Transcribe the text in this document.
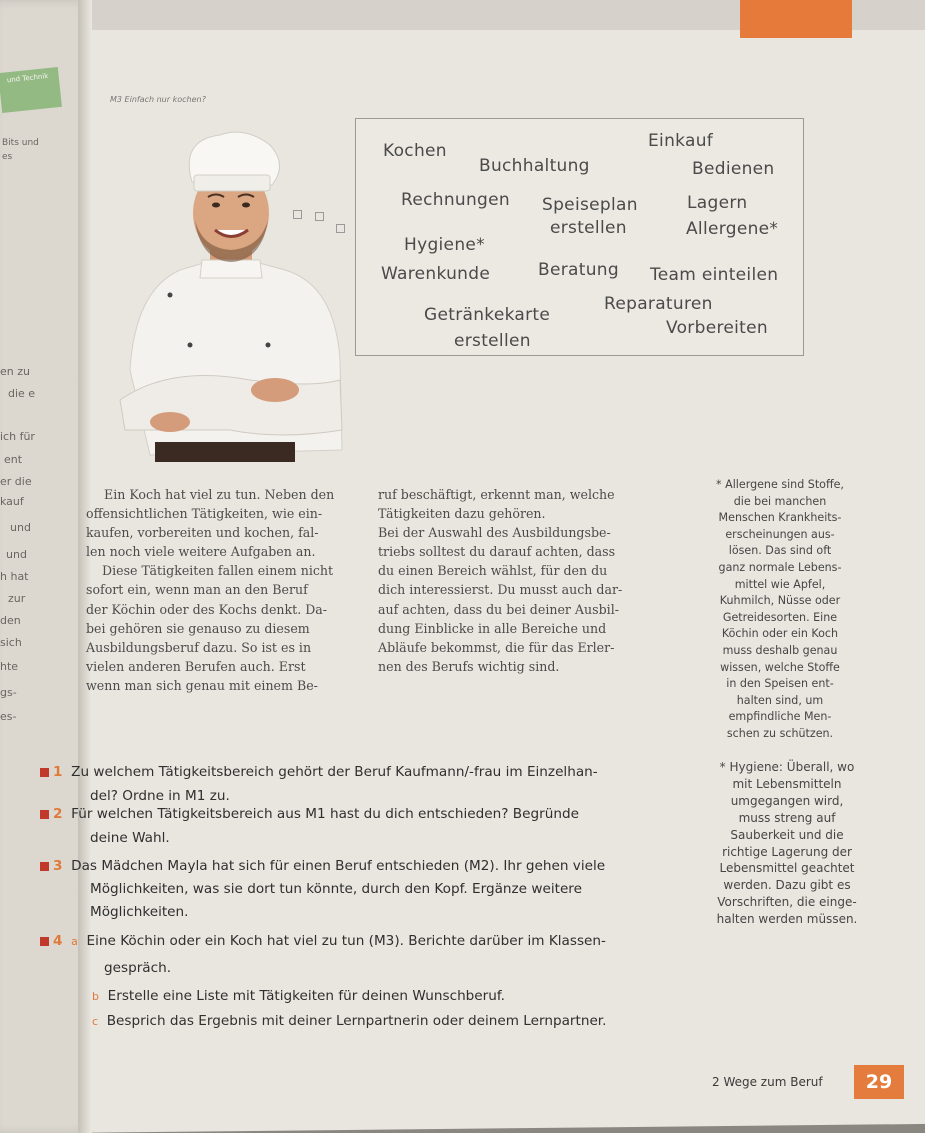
und Technik
Bits und
es
en zu
die e
ich für
ent
er die
kauf
und
und
h hat
zur
den
sich
hte
gs-
es-
M3 Einfach nur kochen?
Kochen	Einkauf
Buchhaltung	Bedienen
Rechnungen Speiseplan	Lagern
erstellen
Hygiene*
Allergene*
Warenkunde	Beratung Team einteilen
Reparaturen
Getränkekarte
Vorbereiten
erstellen
Ein Koch hat viel zu tun. Neben den
offensichtlichen Tätigkeiten, wie ein-
kaufen, vorbereiten und kochen, fal-
len noch viele weitere Aufgaben an.
Diese Tätigkeiten fallen einem nicht
sofort ein, wenn man an den Beruf
der Köchin oder des Kochs denkt. Da-
bei gehören sie genauso zu diesem
Ausbildungsberuf dazu. So ist es in
vielen anderen Berufen auch. Erst
wenn man sich genau mit einem Be-
ruf beschäftigt, erkennt man, welche
Tätigkeiten dazu gehören.
Bei der Auswahl des Ausbildungsbe-
triebs solltest du darauf achten, dass
du einen Bereich wählst, für den du
dich interessierst. Du musst auch dar-
auf achten, dass du bei deiner Ausbil-
dung Einblicke in alle Bereiche und
Abläufe bekommst, die für das Erler-
nen des Berufs wichtig sind.
* Allergene sind Stoffe,
die bei manchen
Menschen Krankheits-
erscheinungen aus-
lösen. Das sind oft
ganz normale Lebens-
mittel wie Apfel,
Kuhmilch, Nüsse oder
Getreidesorten. Eine
Köchin oder ein Koch
muss deshalb genau
wissen, welche Stoffe
in den Speisen ent-
halten sind, um
empfindliche Men-
schen zu schützen.
* Hygiene: Überall, wo
mit Lebensmitteln
umgegangen wird,
muss streng auf
Sauberkeit und die
richtige Lagerung der
Lebensmittel geachtet
werden. Dazu gibt es
Vorschriften, die einge-
halten werden müssen.
1 Zu welchem Tätigkeitsbereich gehört der Beruf Kaufmann/-frau im Einzelhan-
del? Ordne in M1 zu.
2 Für welchen Tätigkeitsbereich aus M1 hast du dich entschieden? Begründe
deine Wahl.
3 Das Mädchen Mayla hat sich für einen Beruf entschieden (M2). Ihr gehen viele
Möglichkeiten, was sie dort tun könnte, durch den Kopf. Ergänze weitere
Möglichkeiten.
4 a Eine Köchin oder ein Koch hat viel zu tun (M3). Berichte darüber im Klassen-
gespräch.
b Erstelle eine Liste mit Tätigkeiten für deinen Wunschberuf.
c Besprich das Ergebnis mit deiner Lernpartnerin oder deinem Lernpartner.
2 Wege zum Beruf	29
